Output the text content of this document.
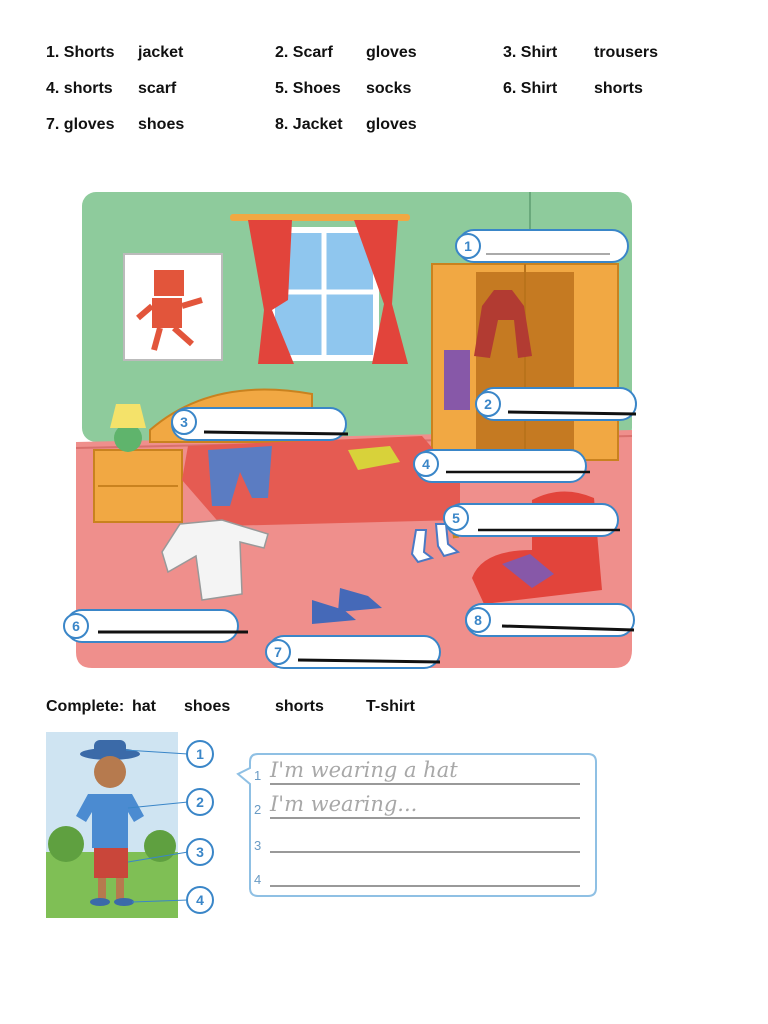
1. Shorts jacket	2. Scarf gloves	3. Shirt trousers
4. shorts scarf	5. Shoes socks	6. Shirt shorts
7. gloves shoes	8. Jacket gloves
1
2
3
4
5
6
7
8
Complete: hat shoes	shorts	T-shirt
1
2
3
4
1 I'm wearing a hat
2 I'm wearing...
3
4
